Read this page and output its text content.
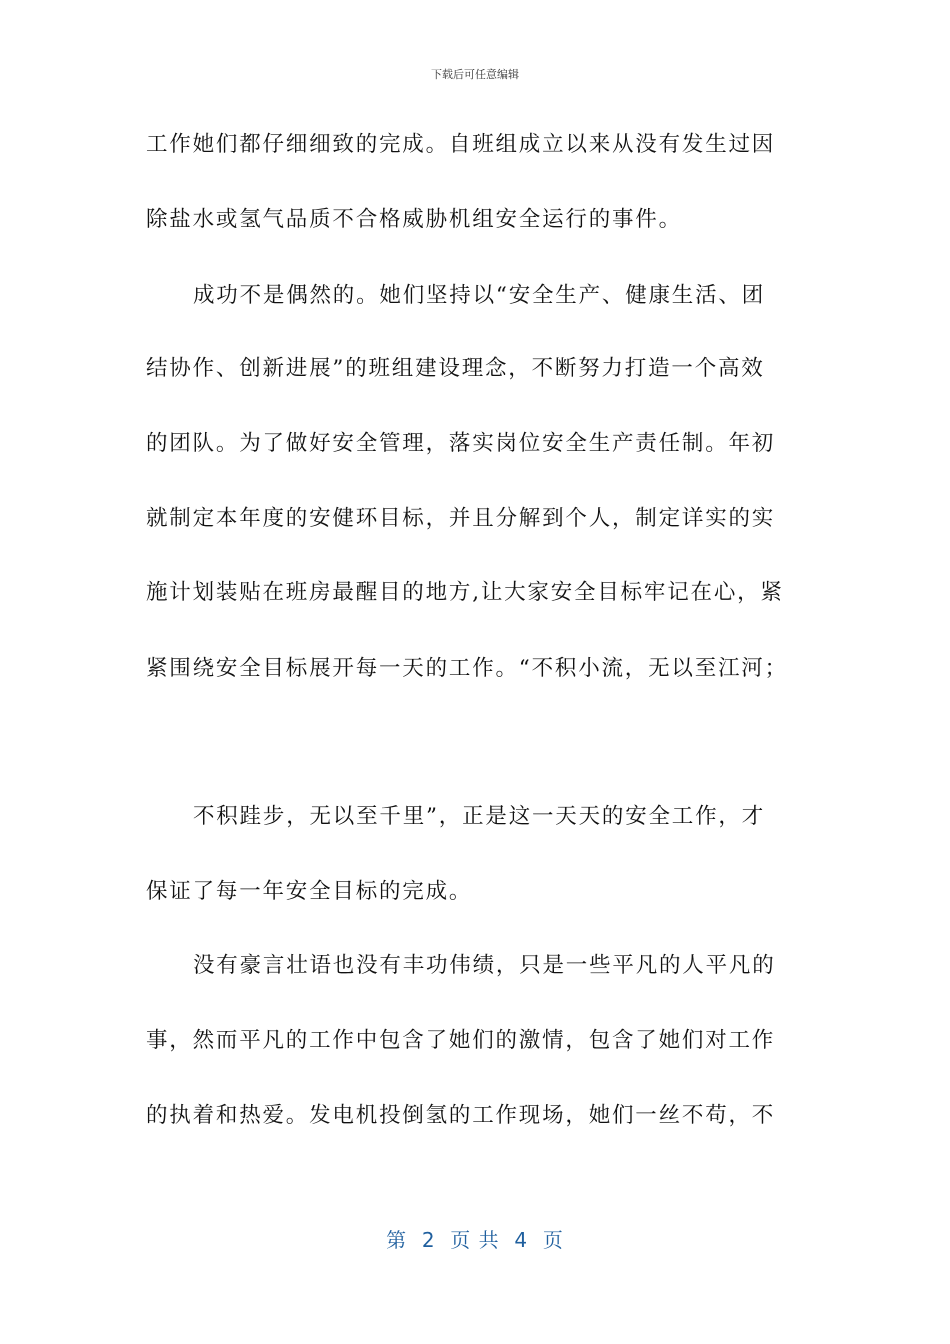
下载后可任意编辑
工作她们都仔细细致的完成。自班组成立以来从没有发生过因
除盐水或氢气品质不合格威胁机组安全运行的事件。
成功不是偶然的。她们坚持以“安全生产、健康生活、团
结协作、创新进展”的班组建设理念，不断努力打造一个高效
的团队。为了做好安全管理，落实岗位安全生产责任制。年初
就制定本年度的安健环目标，并且分解到个人，制定详实的实
施计划装贴在班房最醒目的地方,让大家安全目标牢记在心，紧
紧围绕安全目标展开每一天的工作。“不积小流，无以至江河；
不积跬步，无以至千里”，正是这一天天的安全工作，才
保证了每一年安全目标的完成。
没有豪言壮语也没有丰功伟绩，只是一些平凡的人平凡的
事，然而平凡的工作中包含了她们的激情，包含了她们对工作
的执着和热爱。发电机投倒氢的工作现场，她们一丝不苟，不
第  2  页 共  4  页
